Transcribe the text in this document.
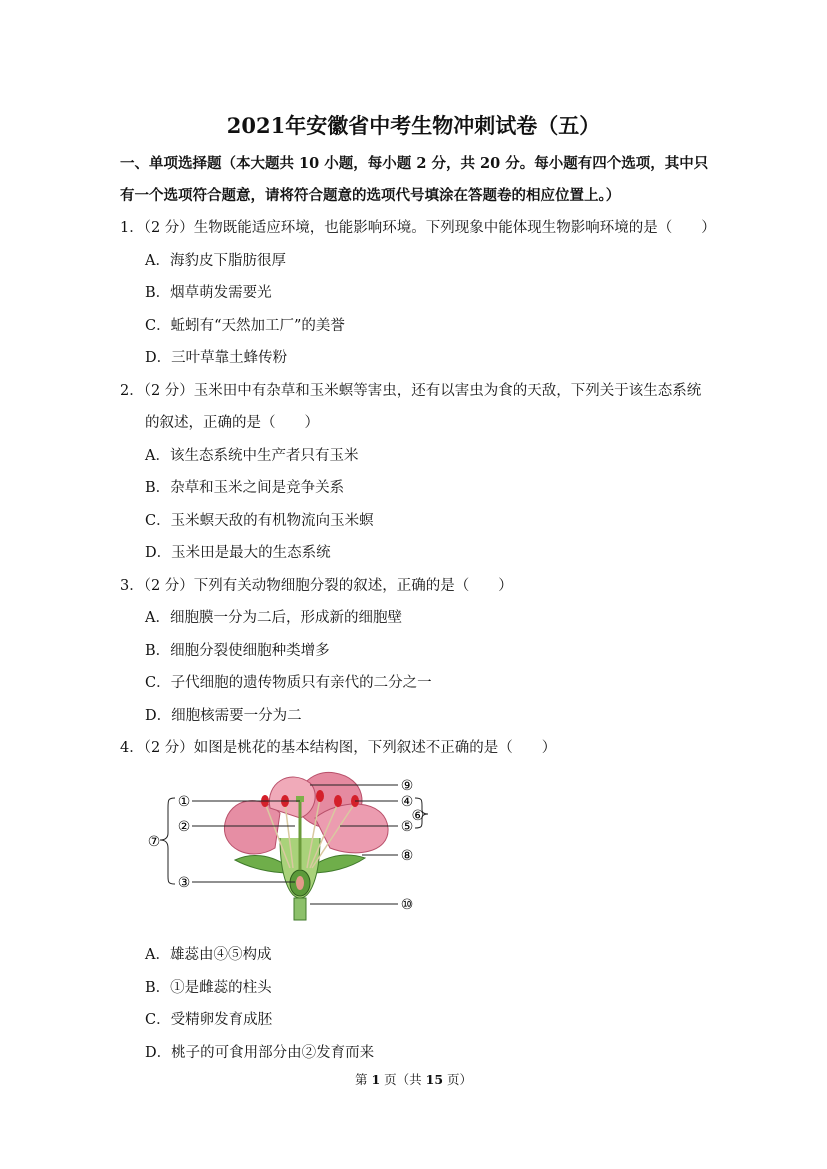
2021年安徽省中考生物冲刺试卷（五）
一、单项选择题（本大题共 10 小题，每小题 2 分，共 20 分。每小题有四个选项，其中只
有一个选项符合题意，请将符合题意的选项代号填涂在答题卷的相应位置上。）
1．（2 分）生物既能适应环境，也能影响环境。下列现象中能体现生物影响环境的是（　　）
A．海豹皮下脂肪很厚
B．烟草萌发需要光
C．蚯蚓有“天然加工厂”的美誉
D．三叶草靠土蜂传粉
2．（2 分）玉米田中有杂草和玉米螟等害虫，还有以害虫为食的天敌，下列关于该生态系统
的叙述，正确的是（　　）
A．该生态系统中生产者只有玉米
B．杂草和玉米之间是竞争关系
C．玉米螟天敌的有机物流向玉米螟
D．玉米田是最大的生态系统
3．（2 分）下列有关动物细胞分裂的叙述，正确的是（　　）
A．细胞膜一分为二后，形成新的细胞壁
B．细胞分裂使细胞种类增多
C．子代细胞的遗传物质只有亲代的二分之一
D．细胞核需要一分为二
4．（2 分）如图是桃花的基本结构图，下列叙述不正确的是（　　）
①
②
③
⑦
⑨
④
⑤
⑧
⑩
⑥
A．雄蕊由④⑤构成
B．①是雌蕊的柱头
C．受精卵发育成胚
D．桃子的可食用部分由②发育而来
第 1 页（共 15 页）
